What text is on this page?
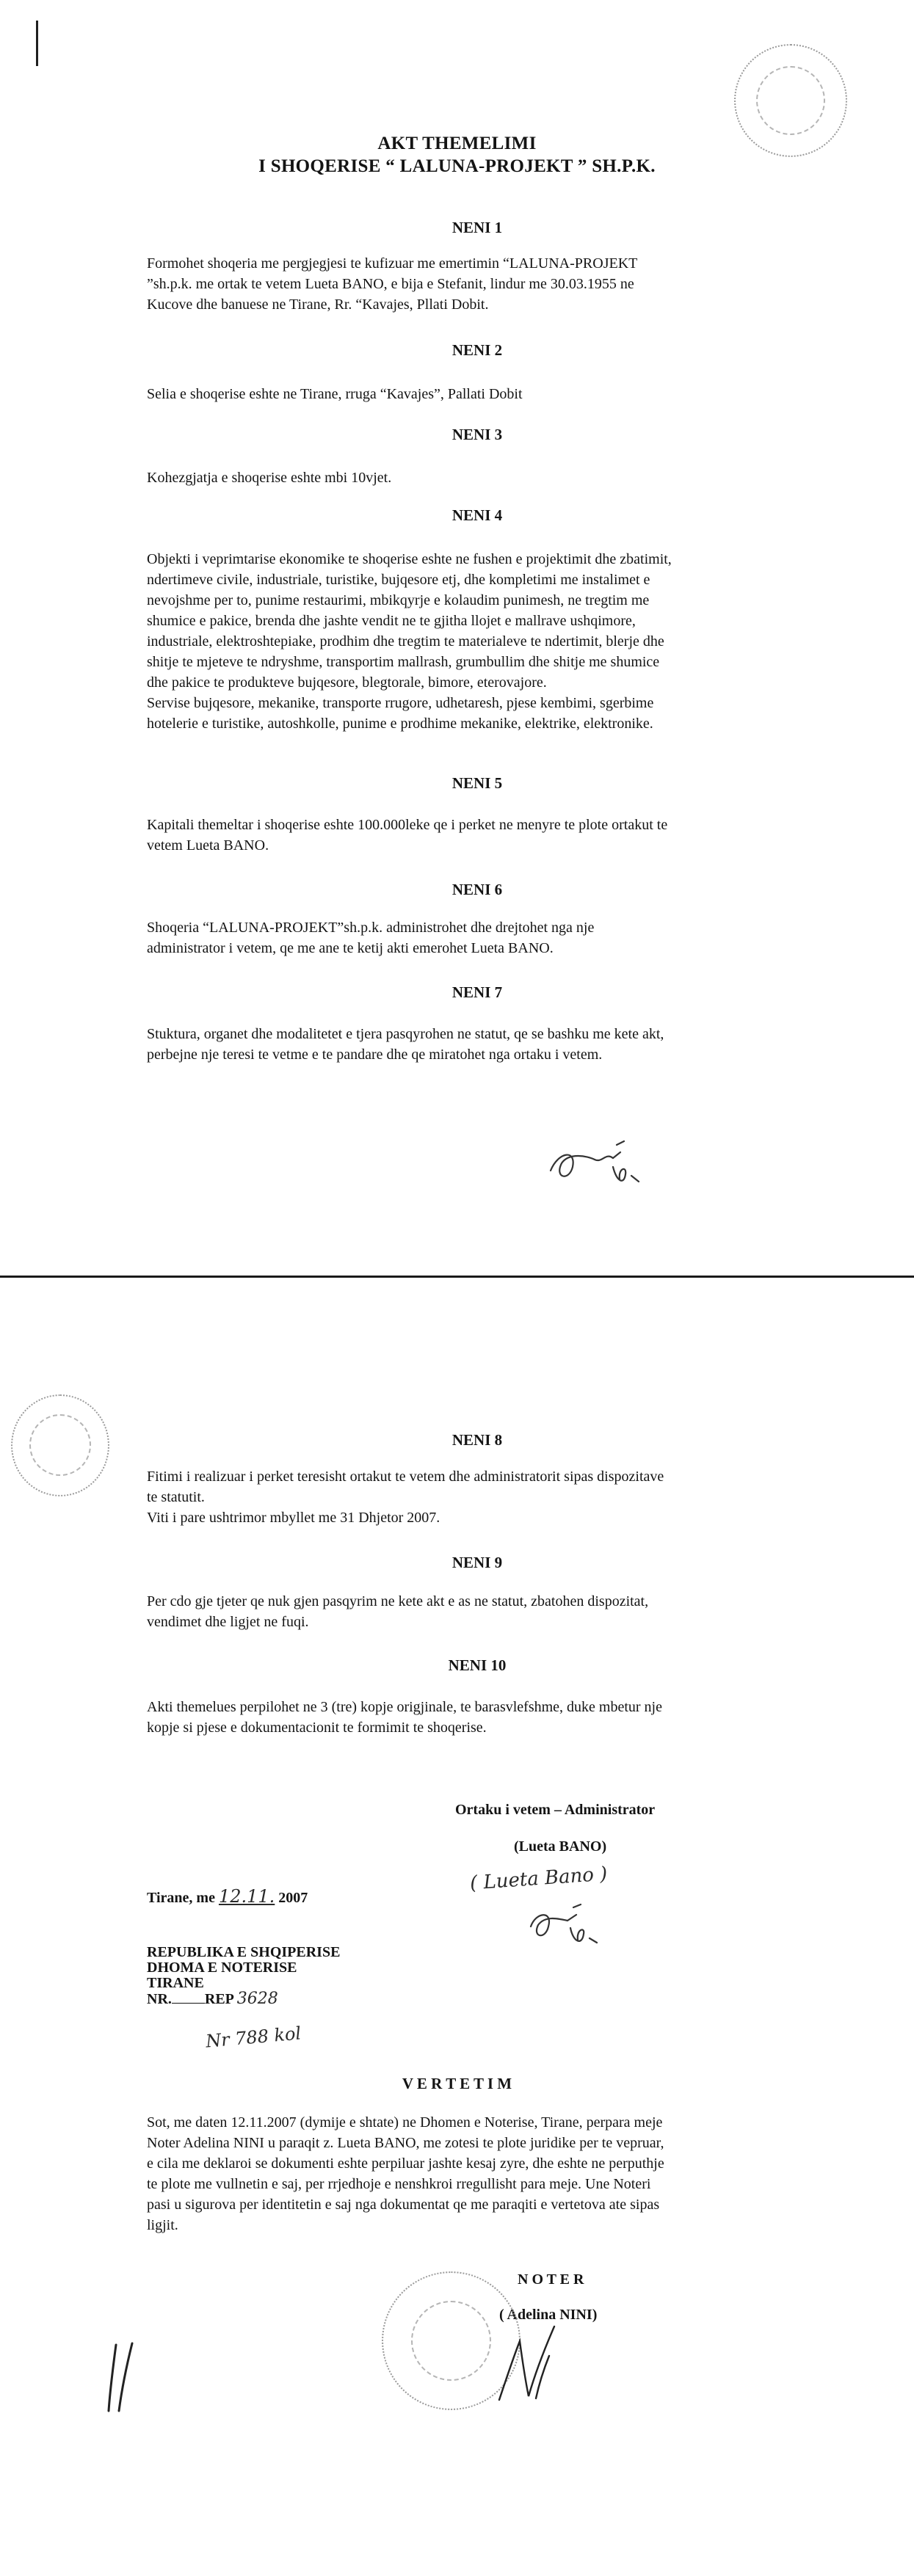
AKT THEMELIMI
I SHOQERISE “ LALUNA-PROJEKT ” SH.P.K.
NENI 1
Formohet shoqeria me pergjegjesi te kufizuar me emertimin “LALUNA-PROJEKT
”sh.p.k. me ortak te vetem Lueta BANO, e bija e Stefanit, lindur me 30.03.1955 ne
Kucove dhe banuese ne Tirane, Rr. “Kavajes, Pllati Dobit.
NENI 2
Selia e shoqerise eshte ne Tirane, rruga “Kavajes”, Pallati Dobit
NENI 3
Kohezgjatja e shoqerise eshte mbi 10vjet.
NENI 4
Objekti i veprimtarise ekonomike te shoqerise eshte ne fushen e projektimit dhe zbatimit,
ndertimeve civile, industriale, turistike, bujqesore etj, dhe kompletimi me instalimet e
nevojshme per to, punime restaurimi, mbikqyrje e kolaudim punimesh, ne tregtim me
shumice e pakice, brenda dhe jashte vendit ne te gjitha llojet e mallrave ushqimore,
industriale, elektroshtepiake, prodhim dhe tregtim te materialeve te ndertimit, blerje dhe
shitje te mjeteve te ndryshme, transportim mallrash, grumbullim dhe shitje me shumice
dhe pakice te produkteve bujqesore, blegtorale, bimore, eterovajore.
Servise bujqesore, mekanike, transporte rrugore, udhetaresh, pjese kembimi, sgerbime
hotelerie e turistike, autoshkolle, punime e prodhime mekanike, elektrike, elektronike.
NENI 5
Kapitali themeltar i shoqerise eshte 100.000leke qe i perket ne menyre te plote ortakut te
vetem Lueta BANO.
NENI 6
Shoqeria “LALUNA-PROJEKT”sh.p.k. administrohet dhe drejtohet nga nje
administrator i vetem, qe me ane te ketij akti emerohet Lueta BANO.
NENI 7
Stuktura, organet dhe modalitetet e tjera pasqyrohen ne statut, qe se bashku me kete akt,
perbejne nje teresi te vetme e te pandare dhe qe miratohet nga ortaku i vetem.
NENI 8
Fitimi i realizuar i perket teresisht ortakut te vetem dhe administratorit sipas dispozitave
te statutit.
Viti i pare ushtrimor mbyllet me 31 Dhjetor 2007.
NENI 9
Per cdo gje tjeter qe nuk gjen pasqyrim ne kete akt e as ne statut, zbatohen dispozitat,
vendimet dhe ligjet ne fuqi.
NENI 10
Akti themelues perpilohet ne 3 (tre) kopje origjinale, te barasvlefshme, duke mbetur nje
kopje si pjese e dokumentacionit te formimit te shoqerise.
Ortaku i vetem – Administrator
(Lueta BANO)
( Lueta Bano )
Tirane, me 12.11. 2007
REPUBLIKA E SHQIPERISE
DHOMA E NOTERISE
TIRANE
NR. REP 3628
Nr 788 kol
V E R T E T I M
Sot, me daten 12.11.2007 (dymije e shtate) ne Dhomen e Noterise, Tirane, perpara meje
Noter Adelina NINI u paraqit z. Lueta BANO, me zotesi te plote juridike per te vepruar,
e cila me deklaroi se dokumenti eshte perpiluar jashte kesaj zyre, dhe eshte ne perputhje
te plote me vullnetin e saj, per rrjedhoje e nenshkroi rregullisht para meje. Une Noteri
pasi u sigurova per identitetin e saj nga dokumentat qe me paraqiti e vertetova ate sipas
ligjit.
N O T E R
( Adelina NINI)
